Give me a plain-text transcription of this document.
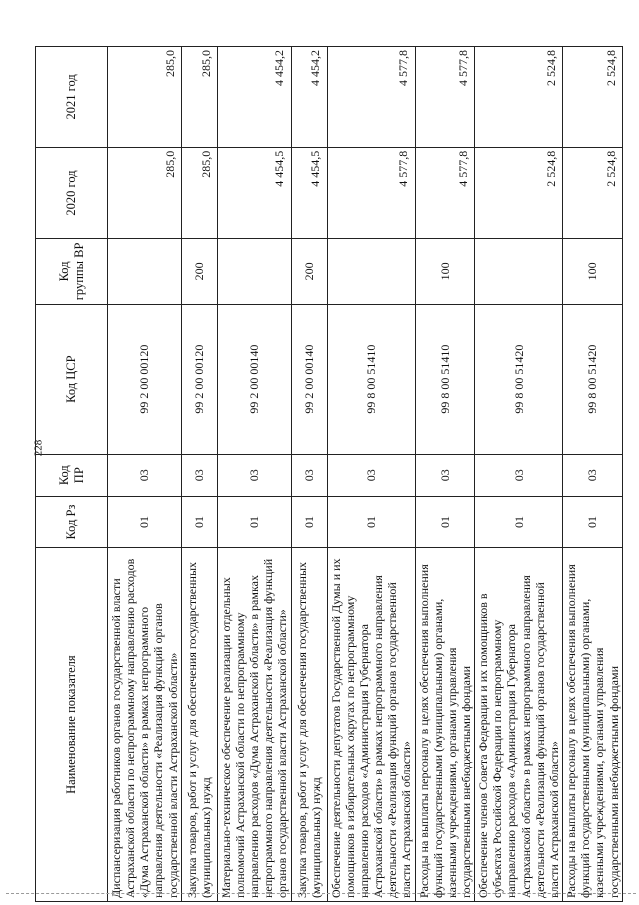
228
Наименование показателя	Код Рз	Код ПР	Код ЦСР	Код группы ВР	2020 год	2021 год
Диспансеризация работников органов государственной власти Астраханской области по непрограммному направлению расходов «Дума Астраханской области» в рамках непрограммного направления деятельности «Реализация функций органов государственной власти Астраханской области»	01	03	99 2 00 00120		285,0	285,0
Закупка товаров, работ и услуг для обеспечения государственных (муниципальных) нужд	01	03	99 2 00 00120	200	285,0	285,0
Материально-техническое обеспечение реализации отдельных полномочий Астраханской области по непрограммному направлению расходов «Дума Астраханской области» в рамках непрограммного направления деятельности «Реализация функций органов государственной власти Астраханской области»	01	03	99 2 00 00140		4 454,5	4 454,2
Закупка товаров, работ и услуг для обеспечения государственных (муниципальных) нужд	01	03	99 2 00 00140	200	4 454,5	4 454,2
Обеспечение деятельности депутатов Государственной Думы и их помощников в избирательных округах по непрограммному направлению расходов «Администрация Губернатора Астраханской области» в рамках непрограммного направления деятельности «Реализация функций органов государственной власти Астраханской области»	01	03	99 8 00 51410		4 577,8	4 577,8
Расходы на выплаты персоналу в целях обеспечения выполнения функций государственными (муниципальными) органами, казенными учреждениями, органами управления государственными внебюджетными фондами	01	03	99 8 00 51410	100	4 577,8	4 577,8
Обеспечение членов Совета Федерации и их помощников в субъектах Российской Федерации по непрограммному направлению расходов «Администрация Губернатора Астраханской области» в рамках непрограммного направления деятельности «Реализация функций органов государственной власти Астраханской области»	01	03	99 8 00 51420		2 524,8	2 524,8
Расходы на выплаты персоналу в целях обеспечения выполнения функций государственными (муниципальными) органами, казенными учреждениями, органами управления государственными внебюджетными фондами	01	03	99 8 00 51420	100	2 524,8	2 524,8
